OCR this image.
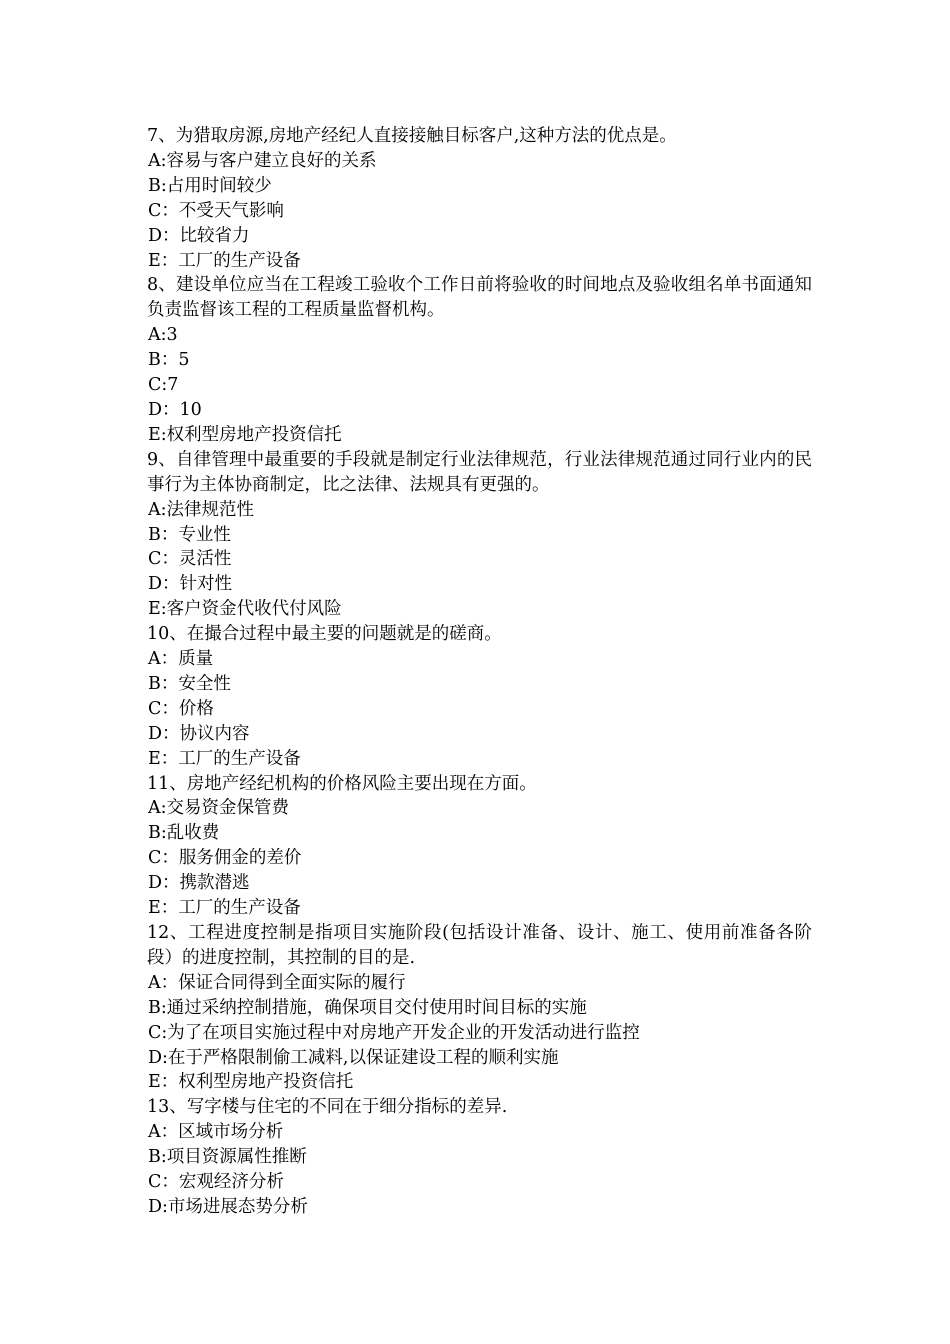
7、为猎取房源,房地产经纪人直接接触目标客户,这种方法的优点是。

A:容易与客户建立良好的关系

B:占用时间较少

C：不受天气影响

D：比较省力

E：工厂的生产设备

8、建设单位应当在工程竣工验收个工作日前将验收的时间地点及验收组名单书面通知负责监督该工程的工程质量监督机构。

A:3

B：5

C:7

D：10

E:权利型房地产投资信托

9、自律管理中最重要的手段就是制定行业法律规范，行业法律规范通过同行业内的民事行为主体协商制定，比之法律、法规具有更强的。

A:法律规范性

B：专业性

C：灵活性

D：针对性

E:客户资金代收代付风险

10、在撮合过程中最主要的问题就是的磋商。

A：质量

B：安全性

C：价格

D：协议内容

E：工厂的生产设备

11、房地产经纪机构的价格风险主要出现在方面。

A:交易资金保管费

B:乱收费

C：服务佣金的差价

D：携款潜逃

E：工厂的生产设备

12、工程进度控制是指项目实施阶段(包括设计准备、设计、施工、使用前准备各阶段）的进度控制，其控制的目的是.

A：保证合同得到全面实际的履行

B:通过采纳控制措施，确保项目交付使用时间目标的实施

C:为了在项目实施过程中对房地产开发企业的开发活动进行监控

D:在于严格限制偷工减料,以保证建设工程的顺利实施

E：权利型房地产投资信托

13、写字楼与住宅的不同在于细分指标的差异.

A：区域市场分析

B:项目资源属性推断

C：宏观经济分析

D:市场进展态势分析
